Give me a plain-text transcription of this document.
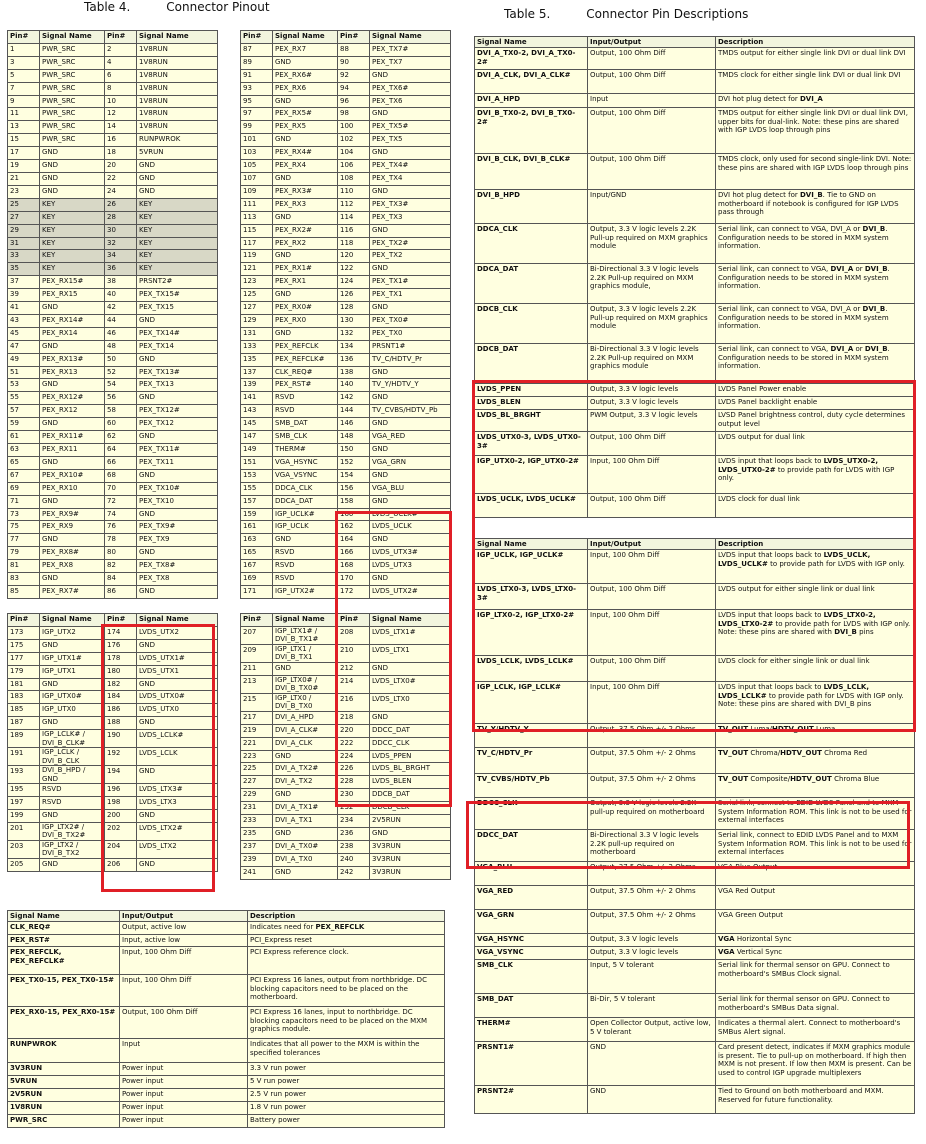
Table 4.	Connector Pinout	Table 5.	Connector Pin Descriptions
Pin#	Signal Name	Pin#	Signal Name
1	PWR_SRC	2	1V8RUN
3	PWR_SRC	4	1V8RUN
5	PWR_SRC	6	1V8RUN
7	PWR_SRC	8	1V8RUN
9	PWR_SRC	10	1V8RUN
11	PWR_SRC	12	1V8RUN
13	PWR_SRC	14	1V8RUN
15	PWR_SRC	16	RUNPWROK
17	GND	18	5VRUN
19	GND	20	GND
21	GND	22	GND
23	GND	24	GND
25	KEY	26	KEY
27	KEY	28	KEY
29	KEY	30	KEY
31	KEY	32	KEY
33	KEY	34	KEY
35	KEY	36	KEY
37	PEX_RX15#	38	PRSNT2#
39	PEX_RX15	40	PEX_TX15#
41	GND	42	PEX_TX15
43	PEX_RX14#	44	GND
45	PEX_RX14	46	PEX_TX14#
47	GND	48	PEX_TX14
49	PEX_RX13#	50	GND
51	PEX_RX13	52	PEX_TX13#
53	GND	54	PEX_TX13
55	PEX_RX12#	56	GND
57	PEX_RX12	58	PEX_TX12#
59	GND	60	PEX_TX12
61	PEX_RX11#	62	GND
63	PEX_RX11	64	PEX_TX11#
65	GND	66	PEX_TX11
67	PEX_RX10#	68	GND
69	PEX_RX10	70	PEX_TX10#
71	GND	72	PEX_TX10
73	PEX_RX9#	74	GND
75	PEX_RX9	76	PEX_TX9#
77	GND	78	PEX_TX9
79	PEX_RX8#	80	GND
81	PEX_RX8	82	PEX_TX8#
83	GND	84	PEX_TX8
85	PEX_RX7#	86	GND
Pin#	Signal Name	Pin#	Signal Name
87	PEX_RX7	88	PEX_TX7#
89	GND	90	PEX_TX7
91	PEX_RX6#	92	GND
93	PEX_RX6	94	PEX_TX6#
95	GND	96	PEX_TX6
97	PEX_RX5#	98	GND
99	PEX_RX5	100	PEX_TX5#
101	GND	102	PEX_TX5
103	PEX_RX4#	104	GND
105	PEX_RX4	106	PEX_TX4#
107	GND	108	PEX_TX4
109	PEX_RX3#	110	GND
111	PEX_RX3	112	PEX_TX3#
113	GND	114	PEX_TX3
115	PEX_RX2#	116	GND
117	PEX_RX2	118	PEX_TX2#
119	GND	120	PEX_TX2
121	PEX_RX1#	122	GND
123	PEX_RX1	124	PEX_TX1#
125	GND	126	PEX_TX1
127	PEX_RX0#	128	GND
129	PEX_RX0	130	PEX_TX0#
131	GND	132	PEX_TX0
133	PEX_REFCLK	134	PRSNT1#
135	PEX_REFCLK#	136	TV_C/HDTV_Pr
137	CLK_REQ#	138	GND
139	PEX_RST#	140	TV_Y/HDTV_Y
141	RSVD	142	GND
143	RSVD	144	TV_CVBS/HDTV_Pb
145	SMB_DAT	146	GND
147	SMB_CLK	148	VGA_RED
149	THERM#	150	GND
151	VGA_HSYNC	152	VGA_GRN
153	VGA_VSYNC	154	GND
155	DDCA_CLK	156	VGA_BLU
157	DDCA_DAT	158	GND
159	IGP_UCLK#	160	LVDS_UCLK#
161	IGP_UCLK	162	LVDS_UCLK
163	GND	164	GND
165	RSVD	166	LVDS_UTX3#
167	RSVD	168	LVDS_UTX3
169	RSVD	170	GND
171	IGP_UTX2#	172	LVDS_UTX2#
Pin#	Signal Name	Pin#	Signal Name
173	IGP_UTX2	174	LVDS_UTX2
175	GND	176	GND
177	IGP_UTX1#	178	LVDS_UTX1#
179	IGP_UTX1	180	LVDS_UTX1
181	GND	182	GND
183	IGP_UTX0#	184	LVDS_UTX0#
185	IGP_UTX0	186	LVDS_UTX0
187	GND	188	GND
189	IGP_LCLK# / DVI_B_CLK#	190	LVDS_LCLK#
191	IGP_LCLK / DVI_B_CLK	192	LVDS_LCLK
193	DVI_B_HPD / GND	194	GND
195	RSVD	196	LVDS_LTX3#
197	RSVD	198	LVDS_LTX3
199	GND	200	GND
201	IGP_LTX2# / DVI_B_TX2#	202	LVDS_LTX2#
203	IGP_LTX2 / DVI_B_TX2	204	LVDS_LTX2
205	GND	206	GND
Pin#	Signal Name	Pin#	Signal Name
207	IGP_LTX1# / DVI_B_TX1#	208	LVDS_LTX1#
209	IGP_LTX1 / DVI_B_TX1	210	LVDS_LTX1
211	GND	212	GND
213	IGP_LTX0# / DVI_B_TX0#	214	LVDS_LTX0#
215	IGP_LTX0 / DVI_B_TX0	216	LVDS_LTX0
217	DVI_A_HPD	218	GND
219	DVI_A_CLK#	220	DDCC_DAT
221	DVI_A_CLK	222	DDCC_CLK
223	GND	224	LVDS_PPEN
225	DVI_A_TX2#	226	LVDS_BL_BRGHT
227	DVI_A_TX2	228	LVDS_BLEN
229	GND	230	DDCB_DAT
231	DVI_A_TX1#	232	DDCB_CLK
233	DVI_A_TX1	234	2V5RUN
235	GND	236	GND
237	DVI_A_TX0#	238	3V3RUN
239	DVI_A_TX0	240	3V3RUN
241	GND	242	3V3RUN
Signal Name	Input/Output	Description
CLK_REQ#	Output, active low	Indicates need for PEX_REFCLK
PEX_RST#	Input, active low	PCI_Express reset
PEX_REFCLK, PEX_REFCLK#	Input, 100 Ohm Diff	PCI Express reference clock.
PEX_TX0-15, PEX_TX0-15#	Input, 100 Ohm Diff	PCI Express 16 lanes, output from northbridge. DC blocking capacitors need to be placed on the motherboard.
PEX_RX0-15, PEX_RX0-15#	Output, 100 Ohm Diff	PCI Express 16 lanes, input to northbridge. DC blocking capacitors need to be placed on the MXM graphics module.
RUNPWROK	Input	Indicates that all power to the MXM is within the specified tolerances
3V3RUN	Power input	3.3 V run power
5VRUN	Power input	5 V run power
2V5RUN	Power input	2.5 V run power
1V8RUN	Power input	1.8 V run power
PWR_SRC	Power input	Battery power
Signal Name	Input/Output	Description
DVI_A_TX0-2, DVI_A_TX0-2#	Output, 100 Ohm Diff	TMDS output for either single link DVI or dual link DVI
DVI_A_CLK, DVI_A_CLK#	Output, 100 Ohm Diff	TMDS clock for either single link DVI or dual link DVI
DVI_A_HPD	Input	DVI hot plug detect for DVI_A
DVI_B_TX0-2, DVI_B_TX0-2#	Output, 100 Ohm Diff	TMDS output for either single link DVI or dual link DVI, upper bits for dual-link. Note: these pins are shared with IGP LVDS loop through pins
DVI_B_CLK, DVI_B_CLK#	Output, 100 Ohm Diff	TMDS clock, only used for second single-link DVI. Note: these pins are shared with IGP LVDS loop through pins
DVI_B_HPD	Input/GND	DVI hot plug detect for DVI_B. Tie to GND on motherboard if notebook is configured for IGP LVDS pass through
DDCA_CLK	Output, 3.3 V logic levels 2.2K Pull-up required on MXM graphics module	Serial link, can connect to VGA, DVI_A or DVI_B. Configuration needs to be stored in MXM system information.
DDCA_DAT	Bi-Directional 3.3 V logic levels 2.2K Pull-up required on MXM graphics module,	Serial link, can connect to VGA, DVI_A or DVI_B. Configuration needs to be stored in MXM system information.
DDCB_CLK	Output, 3.3 V logic levels 2.2K Pull-up required on MXM graphics module	Serial link, can connect to VGA, DVI_A or DVI_B. Configuration needs to be stored in MXM system information.
DDCB_DAT	Bi-Directional 3.3 V logic levels 2.2K Pull-up required on MXM graphics module	Serial link, can connect to VGA, DVI_A or DVI_B. Configuration needs to be stored in MXM system information.
LVDS_PPEN	Output, 3.3 V logic levels	LVDS Panel Power enable
LVDS_BLEN	Output, 3.3 V logic levels	LVDS Panel backlight enable
LVDS_BL_BRGHT	PWM Output, 3.3 V logic levels	LVSD Panel brightness control, duty cycle determines output level
LVDS_UTX0-3, LVDS_UTX0-3#	Output, 100 Ohm Diff	LVDS output for dual link
IGP_UTX0-2, IGP_UTX0-2#	Input, 100 Ohm Diff	LVDS input that loops back to LVDS_UTX0-2, LVDS_UTX0-2# to provide path for LVDS with IGP only.
LVDS_UCLK, LVDS_UCLK#	Output, 100 Ohm Diff	LVDS clock for dual link
Signal Name	Input/Output	Description
IGP_UCLK, IGP_UCLK#	Input, 100 Ohm Diff	LVDS input that loops back to LVDS_UCLK, LVDS_UCLK# to provide path for LVDS with IGP only.
LVDS_LTX0-3, LVDS_LTX0-3#	Output, 100 Ohm Diff	LVDS output for either single link or dual link
IGP_LTX0-2, IGP_LTX0-2#	Input, 100 Ohm Diff	LVDS input that loops back to LVDS_LTX0-2, LVDS_LTX0-2# to provide path for LVDS with IGP only. Note: these pins are shared with DVI_B pins
LVDS_LCLK, LVDS_LCLK#	Output, 100 Ohm Diff	LVDS clock for either single link or dual link
IGP_LCLK, IGP_LCLK#	Input, 100 Ohm Diff	LVDS input that loops back to LVDS_LCLK, LVDS_LCLK# to provide path for LVDS with IGP only. Note: these pins are shared with DVI_B pins
TV_Y/HDTV_Y	Output, 37.5 Ohm +/- 2 Ohms	TV_OUT Luma/HDTV_OUT Luma
TV_C/HDTV_Pr	Output, 37.5 Ohm +/- 2 Ohms	TV_OUT Chroma/HDTV_OUT Chroma Red
TV_CVBS/HDTV_Pb	Output, 37.5 Ohm +/- 2 Ohms	TV_OUT Composite/HDTV_OUT Chroma Blue
DDCC_CLK	Output, 3.3 V logic levels 2.2K pull-up required on motherboard	Serial link, connect to EDID LVDS Panel and to MXM System Information ROM. This link is not to be used for external interfaces
DDCC_DAT	Bi-Directional 3.3 V logic levels 2.2K pull-up required on motherboard	Serial link, connect to EDID LVDS Panel and to MXM System Information ROM. This link is not to be used for external interfaces
VGA_BLU	Output, 37.5 Ohm +/- 2 Ohms	VGA Blue Output
VGA_RED	Output, 37.5 Ohm +/- 2 Ohms	VGA Red Output
VGA_GRN	Output, 37.5 Ohm +/- 2 Ohms	VGA Green Output
VGA_HSYNC	Output, 3.3 V logic levels	VGA Horizontal Sync
VGA_VSYNC	Output, 3.3 V logic levels	VGA Vertical Sync
SMB_CLK	Input, 5 V tolerant	Serial link for thermal sensor on GPU. Connect to motherboard's SMBus Clock signal.
SMB_DAT	Bi-Dir, 5 V tolerant	Serial link for thermal sensor on GPU. Connect to motherboard's SMBus Data signal.
THERM#	Open Collector Output, active low, 5 V tolerant	Indicates a thermal alert. Connect to motherboard's SMBus Alert signal.
PRSNT1#	GND	Card present detect, indicates if MXM graphics module is present. Tie to pull-up on motherboard. If high then MXM is not present. If low then MXM is present. Can be used to control IGP upgrade multiplexers
PRSNT2#	GND	Tied to Ground on both motherboard and MXM. Reserved for future functionality.
